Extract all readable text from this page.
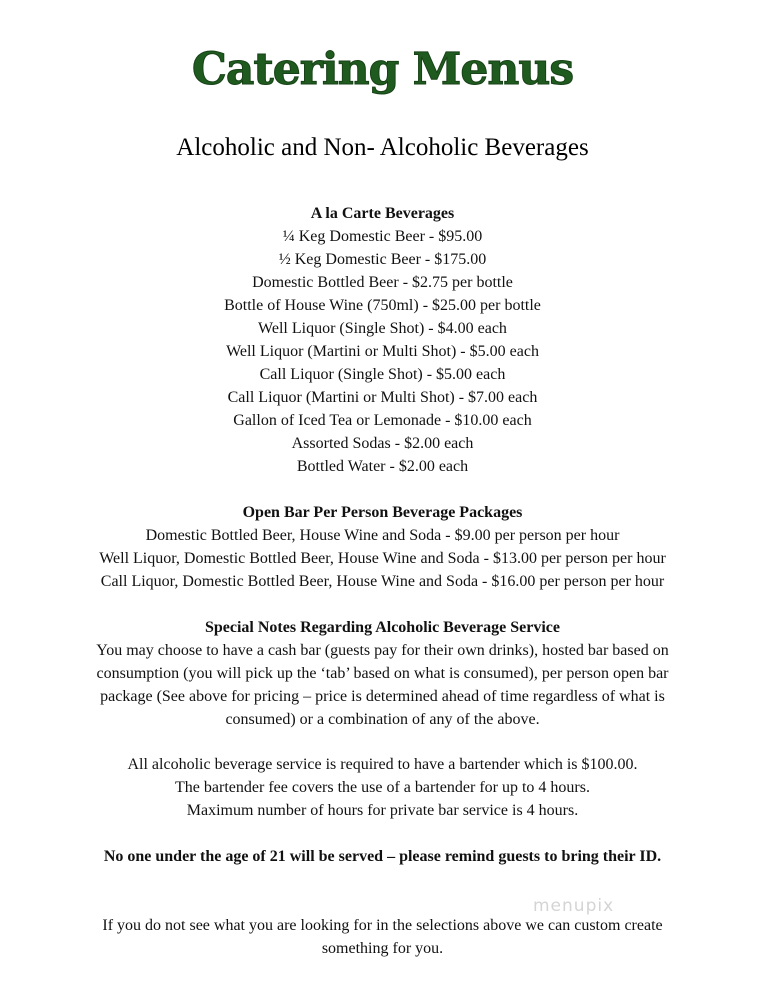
Catering Menus
Alcoholic and Non- Alcoholic Beverages
A la Carte Beverages
¼ Keg Domestic Beer - $95.00
½ Keg Domestic Beer - $175.00
Domestic Bottled Beer - $2.75 per bottle
Bottle of House Wine (750ml) - $25.00 per bottle
Well Liquor (Single Shot) - $4.00 each
Well Liquor (Martini or Multi Shot) - $5.00 each
Call Liquor (Single Shot) - $5.00 each
Call Liquor (Martini or Multi Shot) - $7.00 each
Gallon of Iced Tea or Lemonade - $10.00 each
Assorted Sodas - $2.00 each
Bottled Water - $2.00 each
Open Bar Per Person Beverage Packages
Domestic Bottled Beer, House Wine and Soda - $9.00 per person per hour
Well Liquor, Domestic Bottled Beer, House Wine and Soda - $13.00 per person per hour
Call Liquor, Domestic Bottled Beer, House Wine and Soda - $16.00 per person per hour
Special Notes Regarding Alcoholic Beverage Service
You may choose to have a cash bar (guests pay for their own drinks), hosted bar based on
consumption (you will pick up the ‘tab’ based on what is consumed), per person open bar
package (See above for pricing – price is determined ahead of time regardless of what is
consumed) or a combination of any of the above.
All alcoholic beverage service is required to have a bartender which is $100.00.
The bartender fee covers the use of a bartender for up to 4 hours.
Maximum number of hours for private bar service is 4 hours.
No one under the age of 21 will be served – please remind guests to bring their ID.
menupix
If you do not see what you are looking for in the selections above we can custom create
something for you.
